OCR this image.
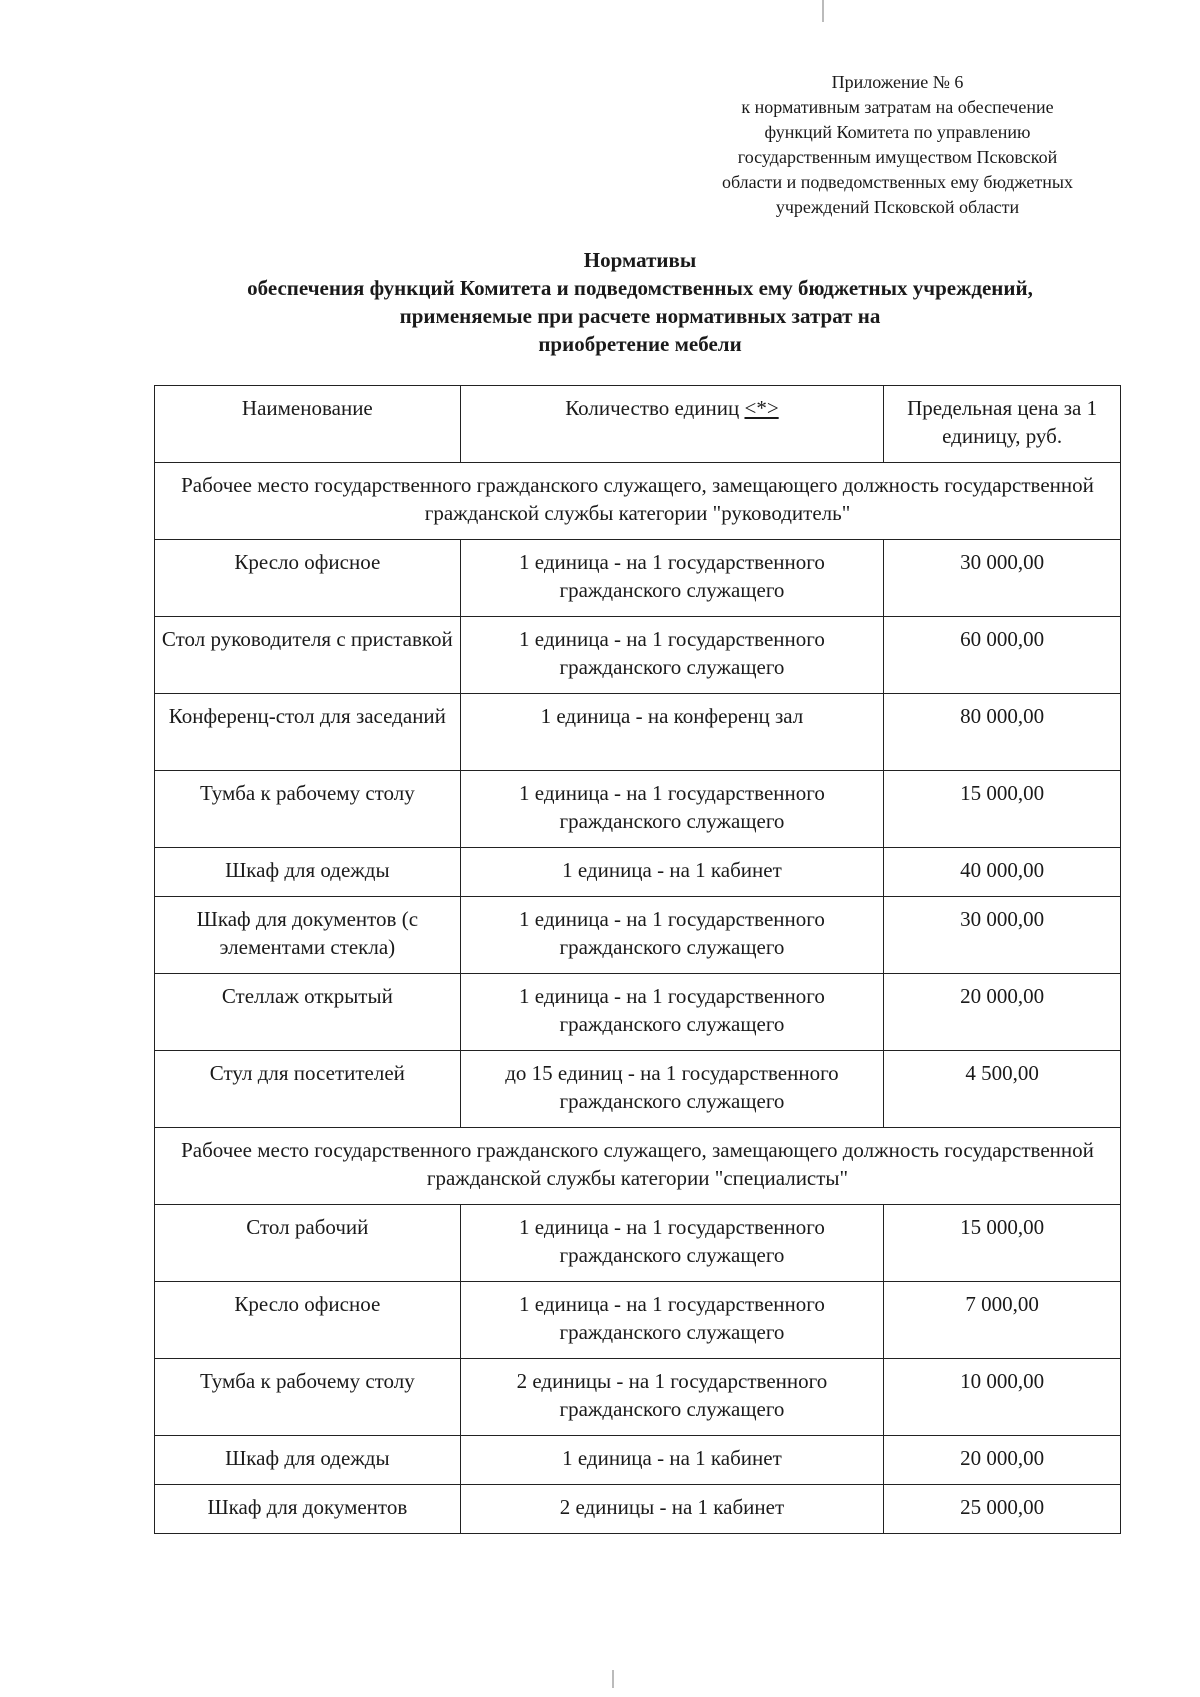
Приложение № 6
к нормативным затратам на обеспечение
функций Комитета по управлению
государственным имуществом Псковской
области и подведомственных ему бюджетных
учреждений Псковской области
Нормативы
обеспечения функций Комитета и подведомственных ему бюджетных учреждений,
применяемые при расчете нормативных затрат на
приобретение мебели
Наименование	Количество единиц <*>	Предельная цена за 1 единицу, руб.
Рабочее место государственного гражданского служащего, замещающего должность государственной гражданской службы категории "руководитель"		
Кресло офисное	1 единица - на 1 государственного гражданского служащего	30 000,00
Стол руководителя с приставкой	1 единица - на 1 государственного гражданского служащего	60 000,00
Конференц-стол для заседаний	1 единица - на конференц зал	80 000,00
Тумба к рабочему столу	1 единица - на 1 государственного гражданского служащего	15 000,00
Шкаф для одежды	1 единица - на 1 кабинет	40 000,00
Шкаф для документов (с элементами стекла)	1 единица - на 1 государственного гражданского служащего	30 000,00
Стеллаж открытый	1 единица - на 1 государственного гражданского служащего	20 000,00
Стул для посетителей	до 15 единиц - на 1 государственного гражданского служащего	4 500,00
Рабочее место государственного гражданского служащего, замещающего должность государственной гражданской службы категории "специалисты"		
Стол рабочий	1 единица - на 1 государственного гражданского служащего	15 000,00
Кресло офисное	1 единица - на 1 государственного гражданского служащего	7 000,00
Тумба к рабочему столу	2 единицы - на 1 государственного гражданского служащего	10 000,00
Шкаф для одежды	1 единица - на 1 кабинет	20 000,00
Шкаф для документов	2 единицы - на 1 кабинет	25 000,00
